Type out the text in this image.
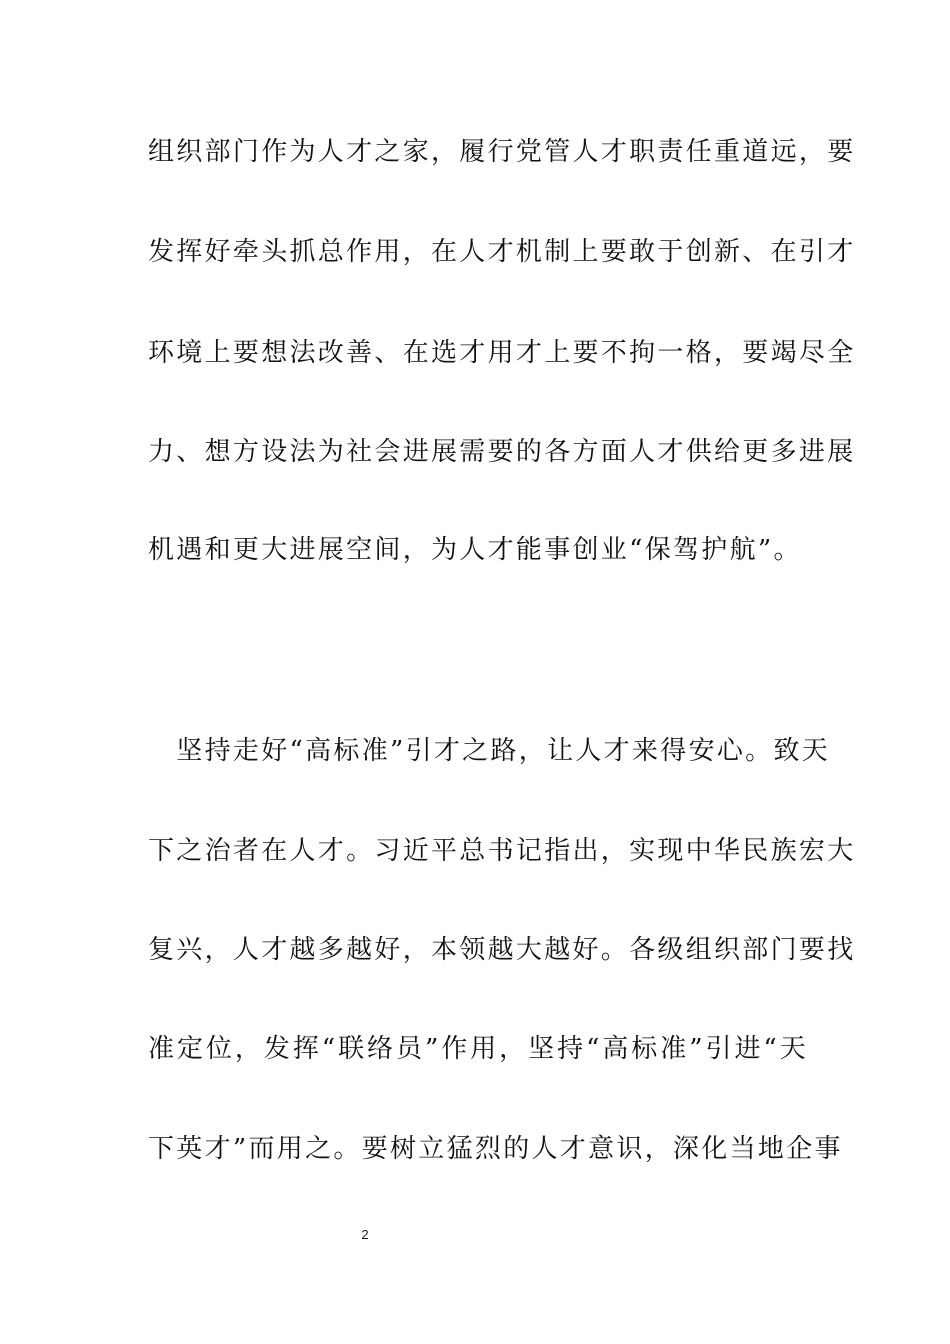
组织部门作为人才之家，履行党管人才职责任重道远，要
发挥好牵头抓总作用，在人才机制上要敢于创新、在引才
环境上要想法改善、在选才用才上要不拘一格，要竭尽全
力、想方设法为社会进展需要的各方面人才供给更多进展
机遇和更大进展空间，为人才能事创业“保驾护航”。
　坚持走好“高标准”引才之路，让人才来得安心。致天
下之治者在人才。习近平总书记指出，实现中华民族宏大
复兴，人才越多越好，本领越大越好。各级组织部门要找
准定位，发挥“联络员”作用，坚持“高标准”引进“天
下英才”而用之。要树立猛烈的人才意识，深化当地企事
2
